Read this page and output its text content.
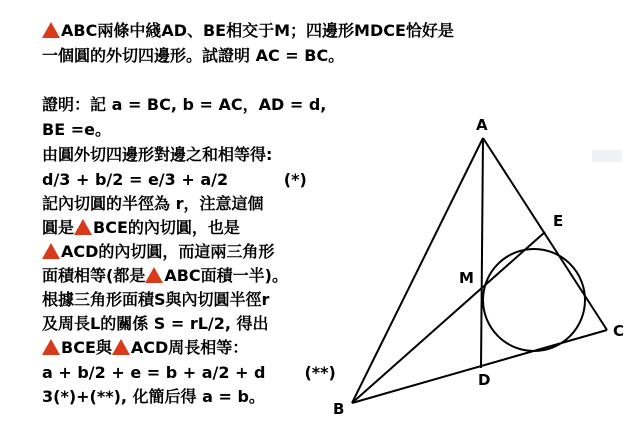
ABC兩條中綫AD、BE相交于M；四邊形MDCE恰好是
一個圓的外切四邊形。試證明 AC = BC。
證明：記 a = BC, b = AC，AD = d,
BE =e。
由圓外切四邊形對邊之和相等得:
d/3 + b/2 = e/3 + a/2          (*)
記內切圓的半徑為 r，注意這個
圓是 BCE的內切圓，也是
ACD的內切圓，而這兩三角形
面積相等(都是 ABC面積一半)。
根據三角形面積S與內切圓半徑r
及周長L的關係 S = rL/2, 得出
BCE與 ACD周長相等：
a + b/2 + e = b + a/2 + d       (**)
3(*)+(**), 化簡后得 a = b。
A
B
C
D
E
M
